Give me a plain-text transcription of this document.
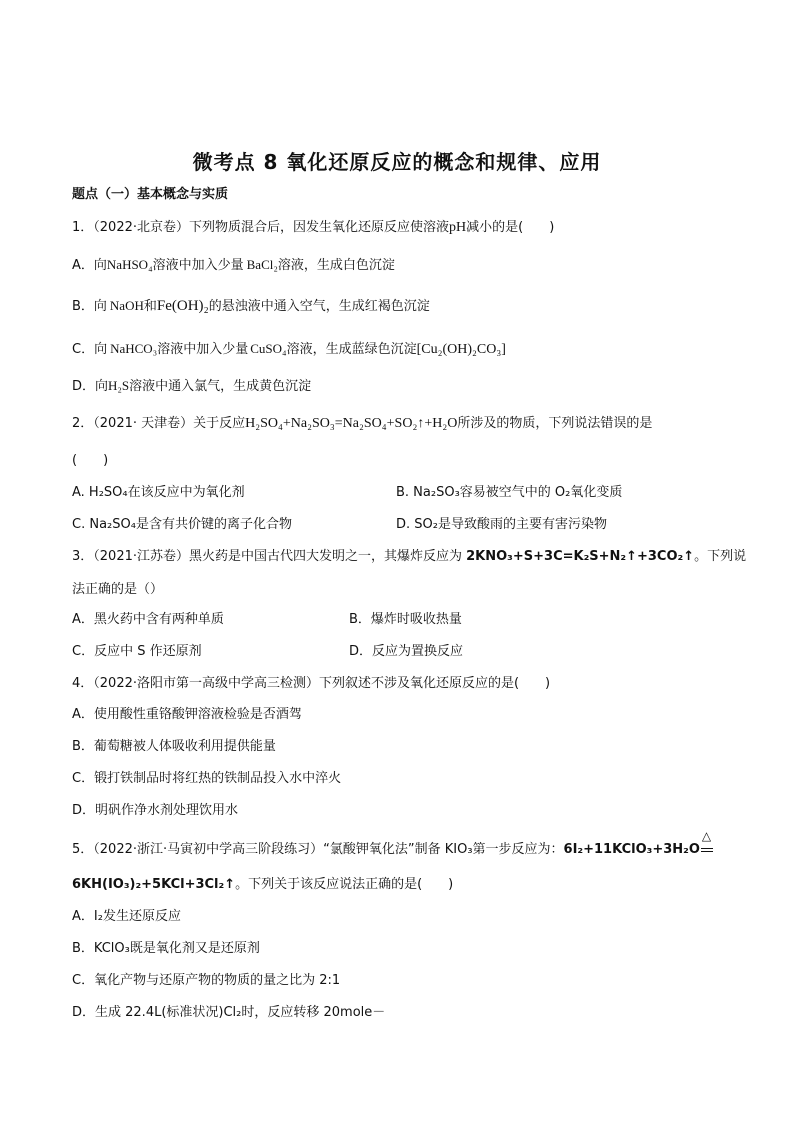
微考点 8 氧化还原反应的概念和规律、应用
题点（一）基本概念与实质
1．（2022·北京卷）下列物质混合后，因发生氧化还原反应使溶液pH减小的是(　　)
A．向NaHSO₄溶液中加入少量 BaCl₂溶液，生成白色沉淀
B．向 NaOH和Fe(OH)₂的悬浊液中通入空气，生成红褐色沉淀
C．向 NaHCO₃溶液中加入少量 CuSO₄溶液，生成蓝绿色沉淀[Cu₂(OH)₂CO₃]
D．向H₂S溶液中通入氯气，生成黄色沉淀
2．（2021· 天津卷）关于反应H₂SO₄+Na₂SO₃=Na₂SO₄+SO₂↑+H₂O所涉及的物质，下列说法错误的是
(　　)
A. H₂SO₄在该反应中为氧化剂	B. Na₂SO₃容易被空气中的 O₂氧化变质
C. Na₂SO₄是含有共价键的离子化合物	D. SO₂是导致酸雨的主要有害污染物
3．（2021·江苏卷）黑火药是中国古代四大发明之一，其爆炸反应为 2KNO₃+S+3C=K₂S+N₂↑+3CO₂↑。下列说
法正确的是（）
A．黑火药中含有两种单质	B．爆炸时吸收热量
C．反应中 S 作还原剂	D．反应为置换反应
4．（2022·洛阳市第一高级中学高三检测）下列叙述不涉及氧化还原反应的是(　　)
A．使用酸性重铬酸钾溶液检验是否酒驾
B．葡萄糖被人体吸收利用提供能量
C．锻打铁制品时将红热的铁制品投入水中淬火
D．明矾作净水剂处理饮用水
5．（2022·浙江·马寅初中学高三阶段练习）“氯酸钾氧化法”制备 KIO₃第一步反应为：6I₂+11KClO₃+3H₂O
△
6KH(IO₃)₂+5KCl+3Cl₂↑。下列关于该反应说法正确的是(　　)
A．I₂发生还原反应
B．KClO₃既是氧化剂又是还原剂
C．氧化产物与还原产物的物质的量之比为 2:1
D．生成 22.4L(标准状况)Cl₂时，反应转移 20mole－
